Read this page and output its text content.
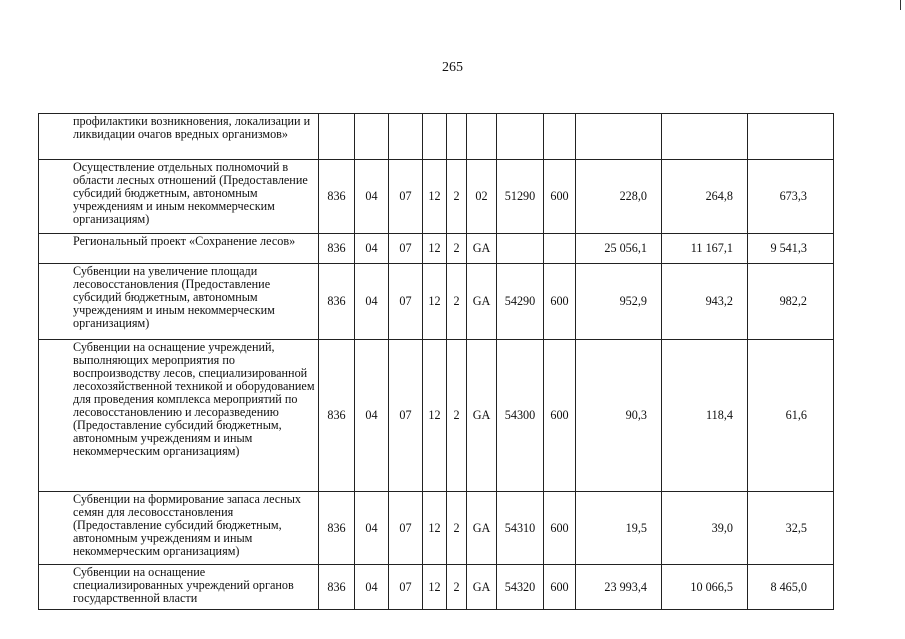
265
профилактики возникновения, локализации и ликвидации очагов вредных организмов»											
Осуществление отдельных полномочий в области лесных отношений (Предоставление субсидий бюджетным, автономным учреждениям и иным некоммерческим организациям)	836	04	07	12	2	02	51290	600	228,0	264,8	673,3
Региональный проект «Сохранение лесов»	836	04	07	12	2	GA			25 056,1	11 167,1	9 541,3
Субвенции на увеличение площади лесовосстановления (Предоставление субсидий бюджетным, автономным учреждениям и иным некоммерческим организациям)	836	04	07	12	2	GA	54290	600	952,9	943,2	982,2
Субвенции на оснащение учреждений, выполняющих мероприятия по воспроизводству лесов, специализированной лесохозяйственной техникой и оборудованием для проведения комплекса мероприятий по лесовосстановлению и лесоразведению (Предоставление субсидий бюджетным, автономным учреждениям и иным некоммерческим организациям)	836	04	07	12	2	GA	54300	600	90,3	118,4	61,6
Субвенции на формирование запаса лесных семян для лесовосстановления (Предоставление субсидий бюджетным, автономным учреждениям и иным некоммерческим организациям)	836	04	07	12	2	GA	54310	600	19,5	39,0	32,5
Субвенции на оснащение специализированных учреждений органов государственной власти	836	04	07	12	2	GA	54320	600	23 993,4	10 066,5	8 465,0
